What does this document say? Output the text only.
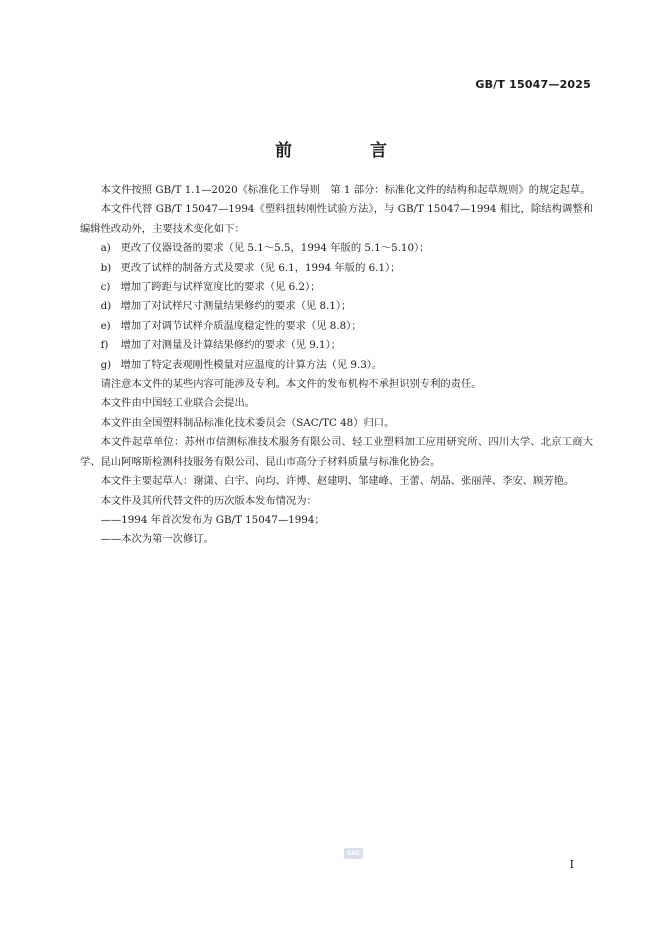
GB/T 15047—2025
前 言

本文件按照 GB/T 1.1—2020《标准化工作导则　第 1 部分：标准化文件的结构和起草规则》的规定起草。

本文件代替 GB/T 15047—1994《塑料扭转刚性试验方法》，与 GB/T 15047—1994 相比，除结构调整和编辑性改动外，主要技术变化如下：

a) 更改了仪器设备的要求（见 5.1～5.5，1994 年版的 5.1～5.10）；
b) 更改了试样的制备方式及要求（见 6.1，1994 年版的 6.1）；
c) 增加了跨距与试样宽度比的要求（见 6.2）；
d) 增加了对试样尺寸测量结果修约的要求（见 8.1）；
e) 增加了对调节试样介质温度稳定性的要求（见 8.8）；
f) 增加了对测量及计算结果修约的要求（见 9.1）；
g) 增加了特定表观刚性模量对应温度的计算方法（见 9.3）。

请注意本文件的某些内容可能涉及专利。本文件的发布机构不承担识别专利的责任。

本文件由中国轻工业联合会提出。

本文件由全国塑料制品标准化技术委员会（SAC/TC 48）归口。

本文件起草单位：苏州市信测标准技术服务有限公司、轻工业塑料加工应用研究所、四川大学、北京工商大学、昆山阿喀斯检测科技服务有限公司、昆山市高分子材料质量与标准化协会。

本文件主要起草人：谢潇、白宇、向均、许博、赵建明、邹建峰、王蕾、胡晶、张丽萍、李安、顾芳艳。

本文件及其所代替文件的历次版本发布情况为：

——1994 年首次发布为 GB/T 15047—1994；
——本次为第一次修订。
SAC
I
